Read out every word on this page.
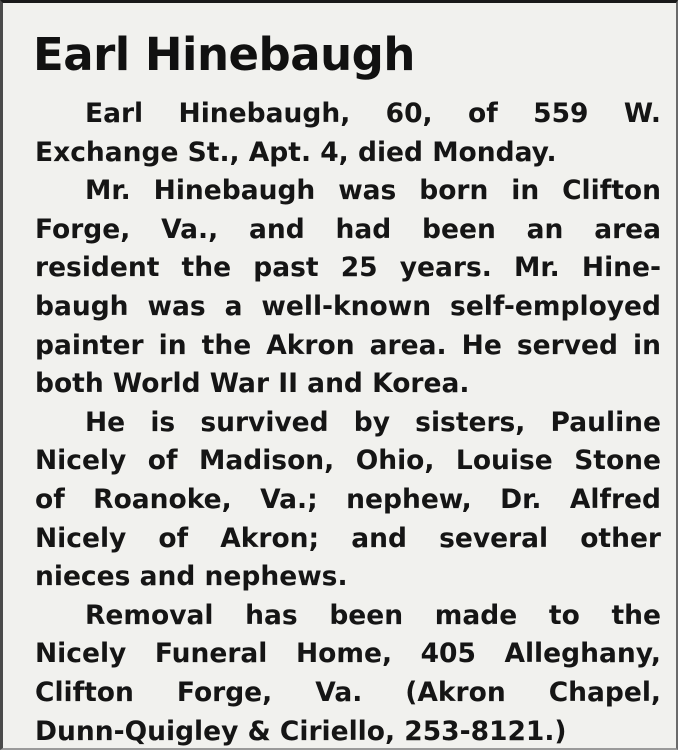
Earl Hinebaugh

Earl Hinebaugh, 60, of 559 W.
Exchange St., Apt. 4, died Monday.

Mr. Hinebaugh was born in Clifton
Forge, Va., and had been an area
resident the past 25 years. Mr. Hine-
baugh was a well-known self-employed
painter in the Akron area. He served in
both World War II and Korea.

He is survived by sisters, Pauline
Nicely of Madison, Ohio, Louise Stone
of Roanoke, Va.; nephew, Dr. Alfred
Nicely of Akron; and several other
nieces and nephews.

Removal has been made to the
Nicely Funeral Home, 405 Alleghany,
Clifton Forge, Va. (Akron Chapel,
Dunn-Quigley & Ciriello, 253-8121.)
